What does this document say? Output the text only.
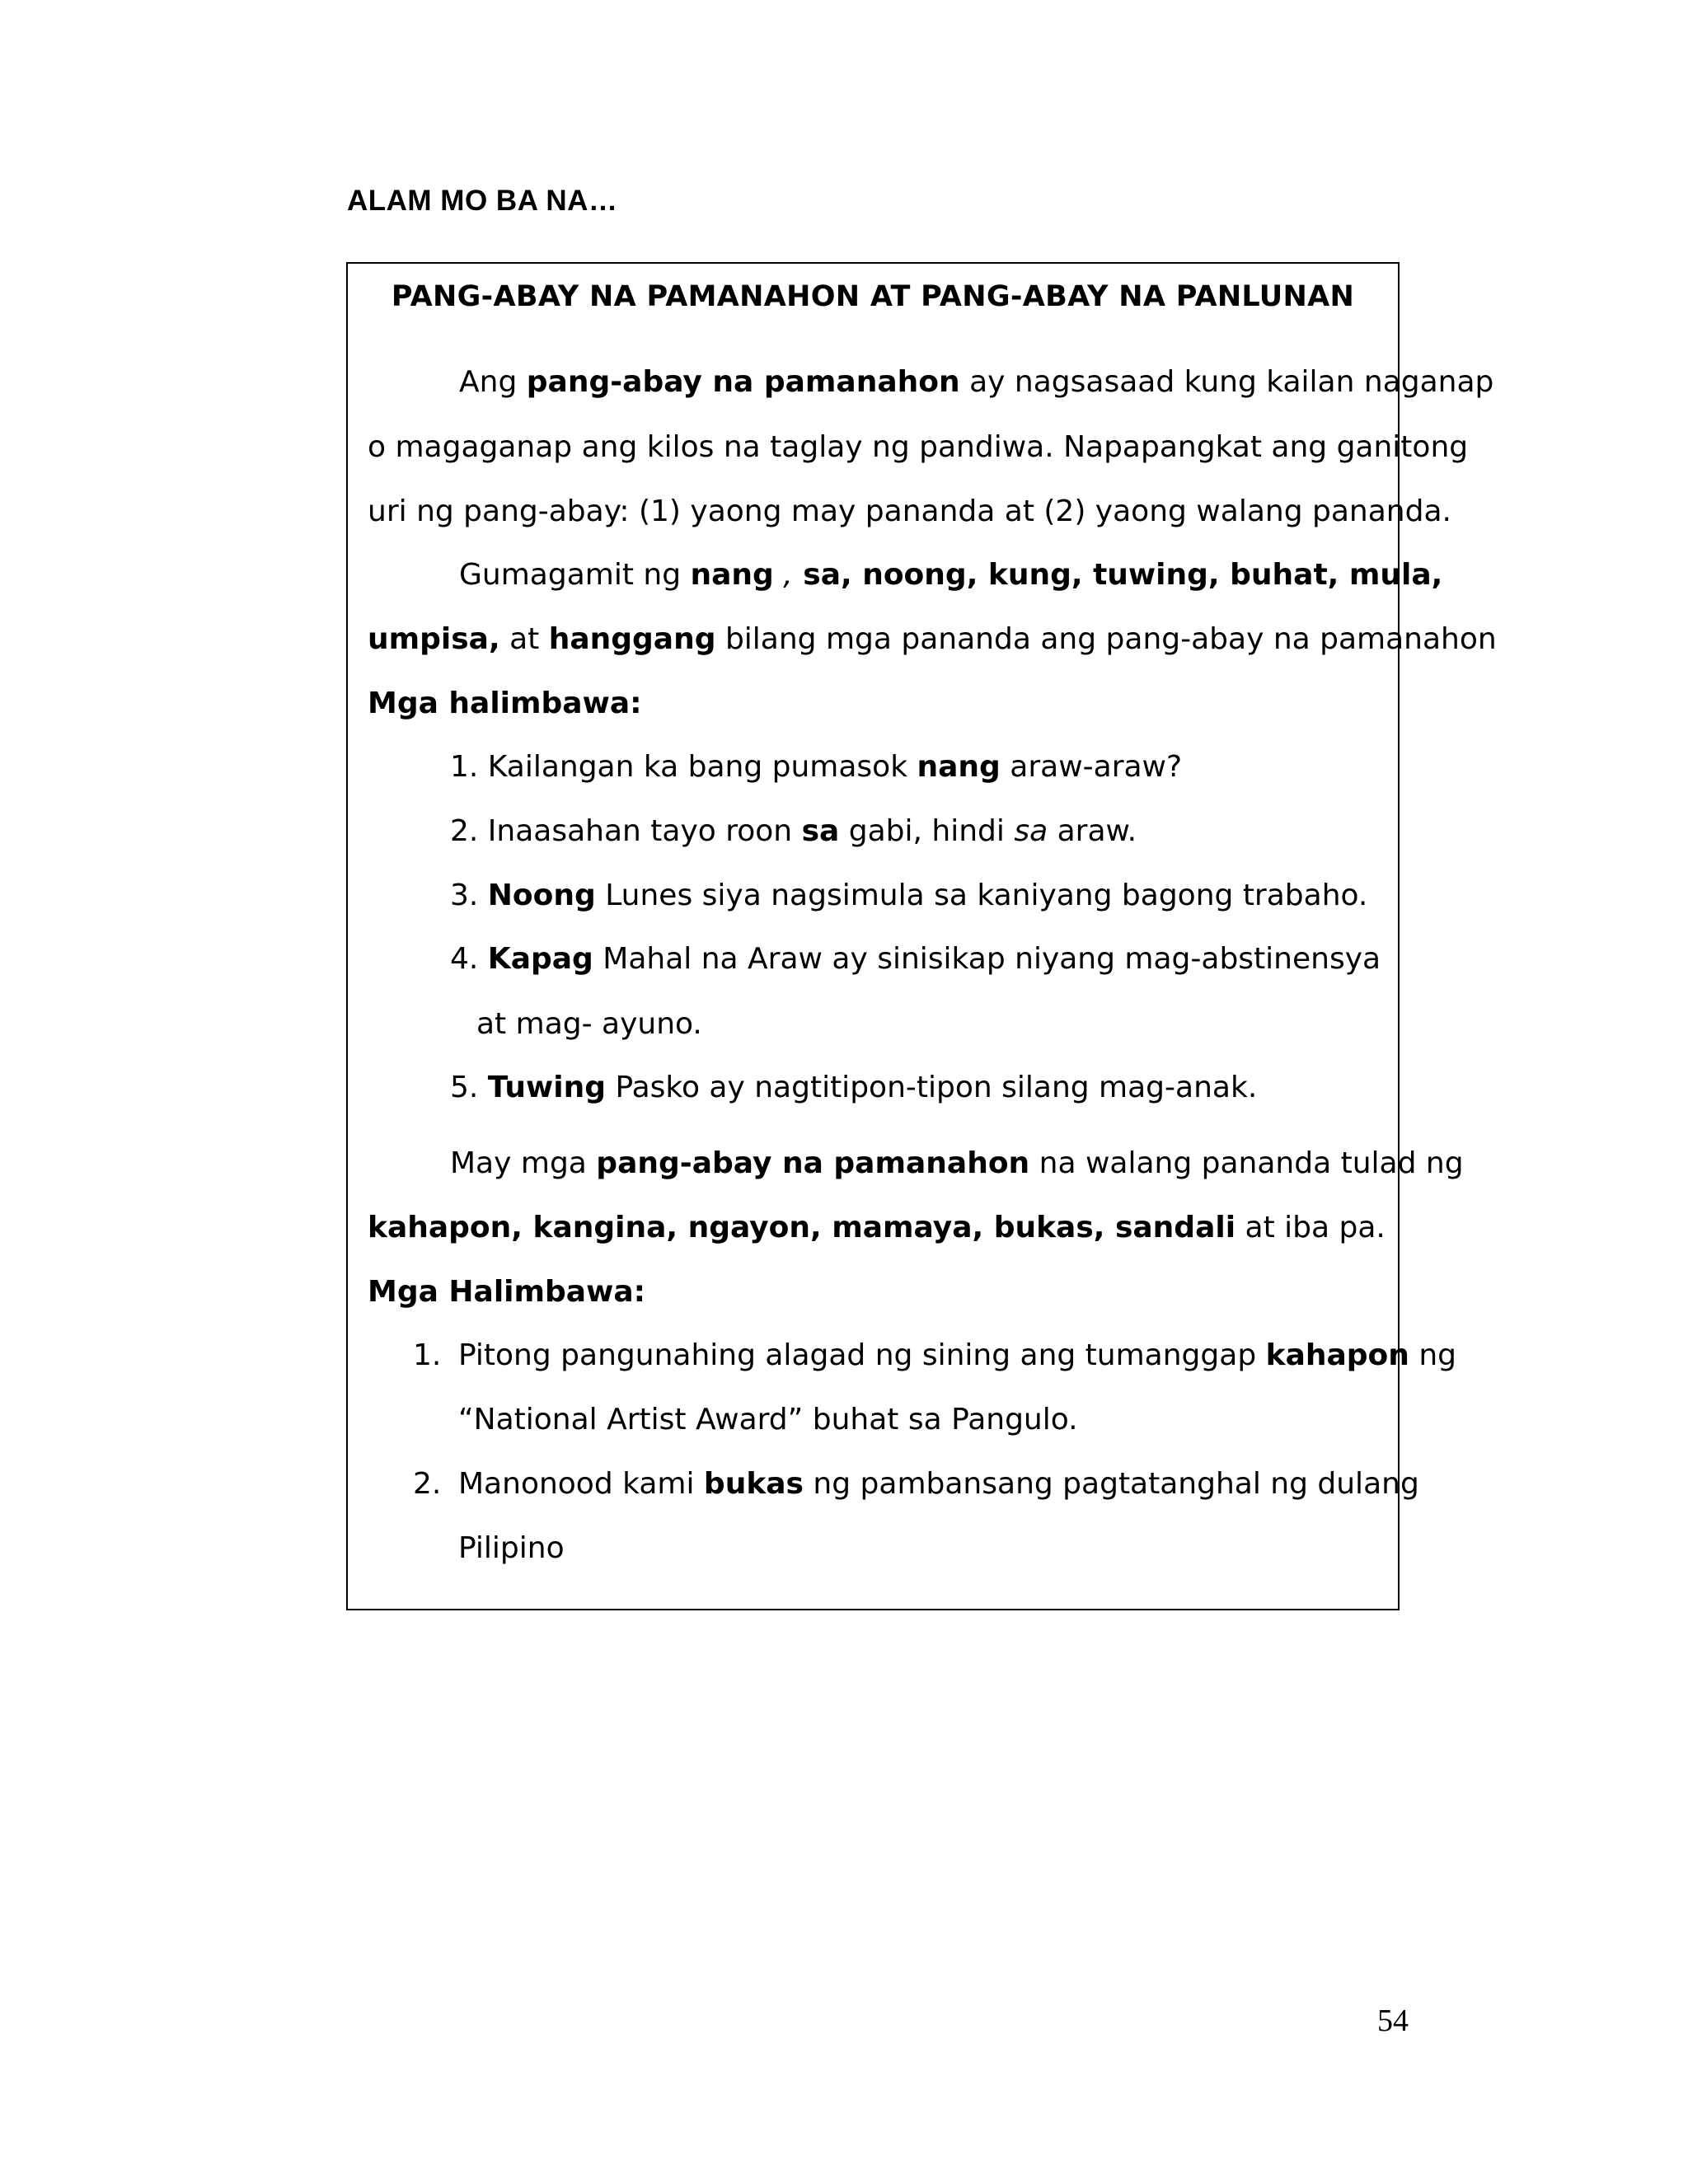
ALAM MO BA NA…
PANG-ABAY NA PAMANAHON AT PANG-ABAY NA PANLUNAN
Ang pang-abay na pamanahon ay nagsasaad kung kailan naganap
o magaganap ang kilos na taglay ng pandiwa. Napapangkat ang ganitong
uri ng pang-abay: (1) yaong may pananda at (2) yaong walang pananda.
Gumagamit ng nang , sa, noong, kung, tuwing, buhat, mula,
umpisa, at hanggang bilang mga pananda ang pang-abay na pamanahon
Mga halimbawa:
1. Kailangan ka bang pumasok nang araw-araw?
2. Inaasahan tayo roon sa gabi, hindi sa araw.
3. Noong Lunes siya nagsimula sa kaniyang bagong trabaho.
4. Kapag Mahal na Araw ay sinisikap niyang mag-abstinensya
at mag- ayuno.
5. Tuwing Pasko ay nagtitipon-tipon silang mag-anak.
May mga pang-abay na pamanahon na walang pananda tulad ng
kahapon, kangina, ngayon, mamaya, bukas, sandali at iba pa.
Mga Halimbawa:
1. Pitong pangunahing alagad ng sining ang tumanggap kahapon ng
“National Artist Award” buhat sa Pangulo.
2. Manonood kami bukas ng pambansang pagtatanghal ng dulang
Pilipino
54
